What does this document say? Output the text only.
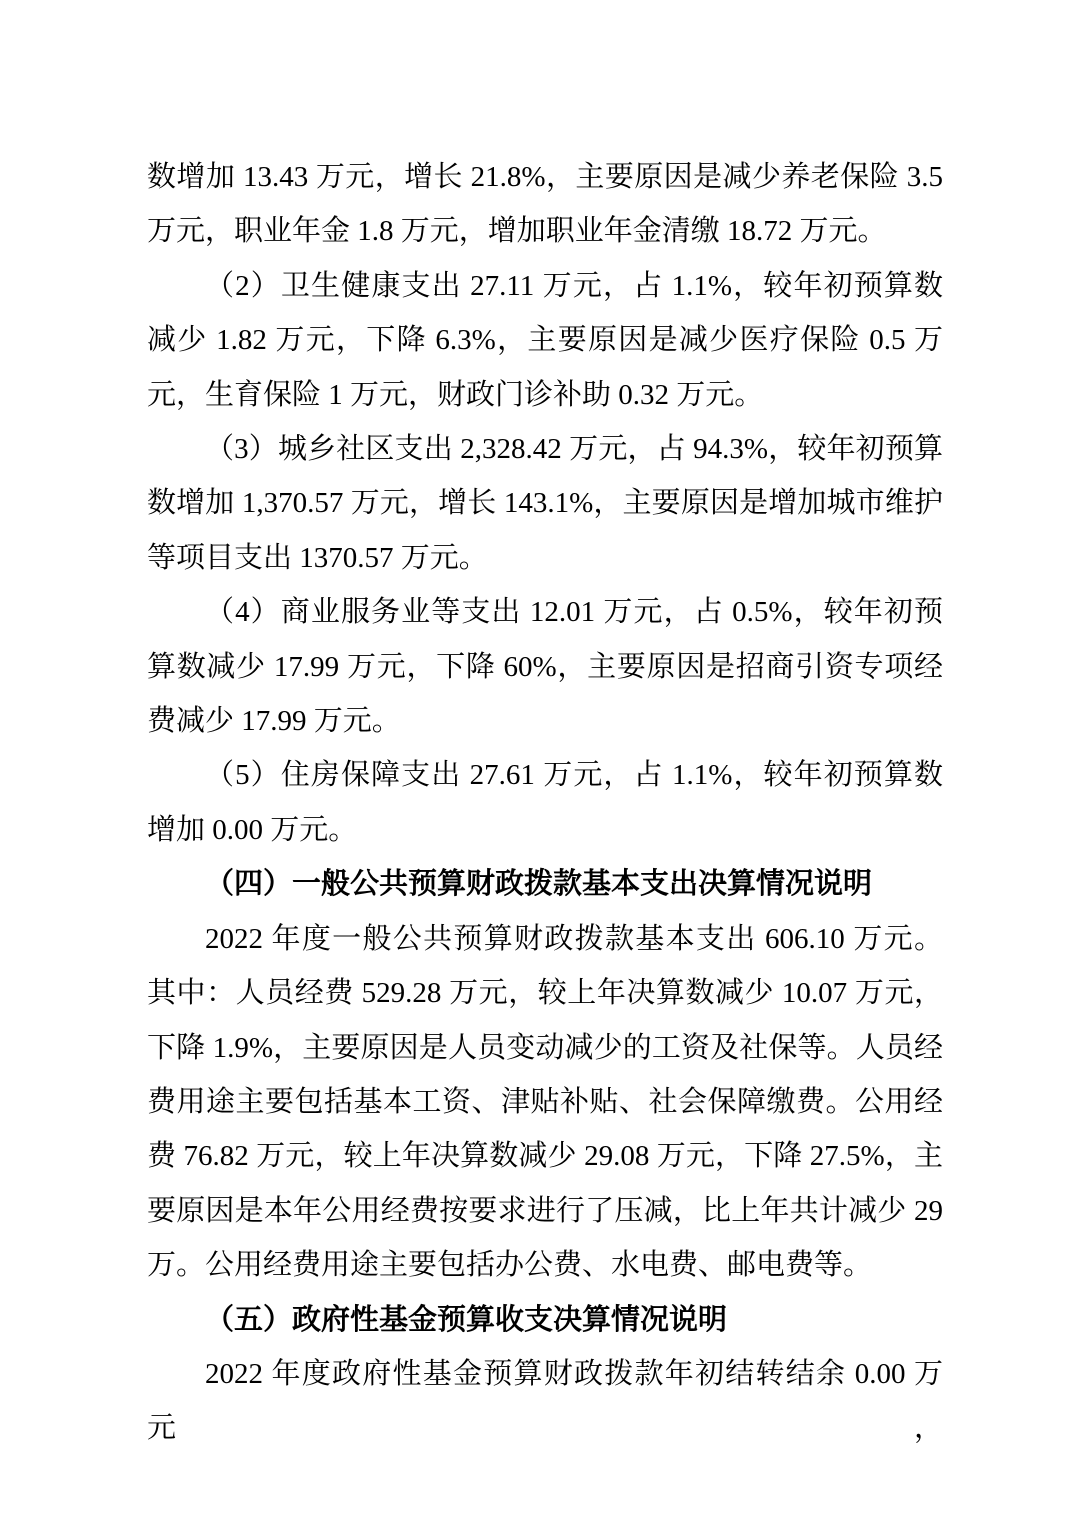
数增加 13.43 万元，增长 21.8%，主要原因是减少养老保险 3.5 万元，职业年金 1.8 万元，增加职业年金清缴 18.72 万元。

（2）卫生健康支出 27.11 万元，占 1.1%，较年初预算数减少 1.82 万元，下降 6.3%，主要原因是减少医疗保险 0.5 万元，生育保险 1 万元，财政门诊补助 0.32 万元。

（3）城乡社区支出 2,328.42 万元，占 94.3%，较年初预算数增加 1,370.57 万元，增长 143.1%，主要原因是增加城市维护等项目支出 1370.57 万元。

（4）商业服务业等支出 12.01 万元，占 0.5%，较年初预算数减少 17.99 万元，下降 60%，主要原因是招商引资专项经费减少 17.99 万元。

（5）住房保障支出 27.61 万元，占 1.1%，较年初预算数增加 0.00 万元。

（四）一般公共预算财政拨款基本支出决算情况说明

2022 年度一般公共预算财政拨款基本支出 606.10 万元。其中：人员经费 529.28 万元，较上年决算数减少 10.07 万元，下降 1.9%，主要原因是人员变动减少的工资及社保等。人员经费用途主要包括基本工资、津贴补贴、社会保障缴费。公用经费 76.82 万元，较上年决算数减少 29.08 万元，下降 27.5%，主要原因是本年公用经费按要求进行了压减，比上年共计减少 29 万。公用经费用途主要包括办公费、水电费、邮电费等。

（五）政府性基金预算收支决算情况说明

2022 年度政府性基金预算财政拨款年初结转结余 0.00 万元，
